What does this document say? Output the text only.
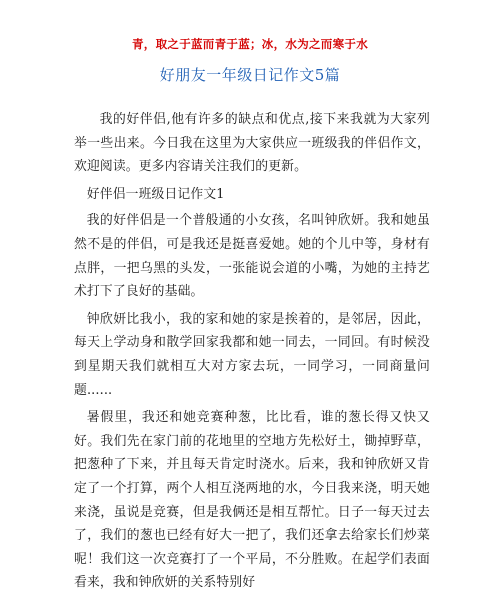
青，取之于蓝而青于蓝；冰，水为之而寒于水
好朋友一年级日记作文5篇

我的好伴侣,他有许多的缺点和优点,接下来我就为大家列举一些出来。今日我在这里为大家供应一班级我的伴侣作文，欢迎阅读。更多内容请关注我们的更新。

好伴侣一班级日记作文1

我的好伴侣是一个普般通的小女孩，名叫钟欣妍。我和她虽然不是的伴侣，可是我还是挺喜爱她。她的个儿中等，身材有点胖，一把乌黑的头发，一张能说会道的小嘴，为她的主持艺术打下了良好的基础。

钟欣妍比我小，我的家和她的家是挨着的，是邻居，因此，每天上学动身和散学回家我都和她一同去，一同回。有时候没到星期天我们就相互大对方家去玩，一同学习，一同商量问题......

暑假里，我还和她竞赛种葱，比比看，谁的葱长得又快又好。我们先在家门前的花地里的空地方先松好土，锄掉野草，把葱种了下来，并且每天肯定时浇水。后来，我和钟欣妍又肯定了一个打算，两个人相互浇两地的水，今日我来浇，明天她来浇，虽说是竞赛，但是我俩还是相互帮忙。日子一每天过去了，我们的葱也已经有好大一把了，我们还拿去给家长们炒菜呢！我们这一次竞赛打了一个平局，不分胜败。在起学们表面看来，我和钟欣妍的关系特别好
